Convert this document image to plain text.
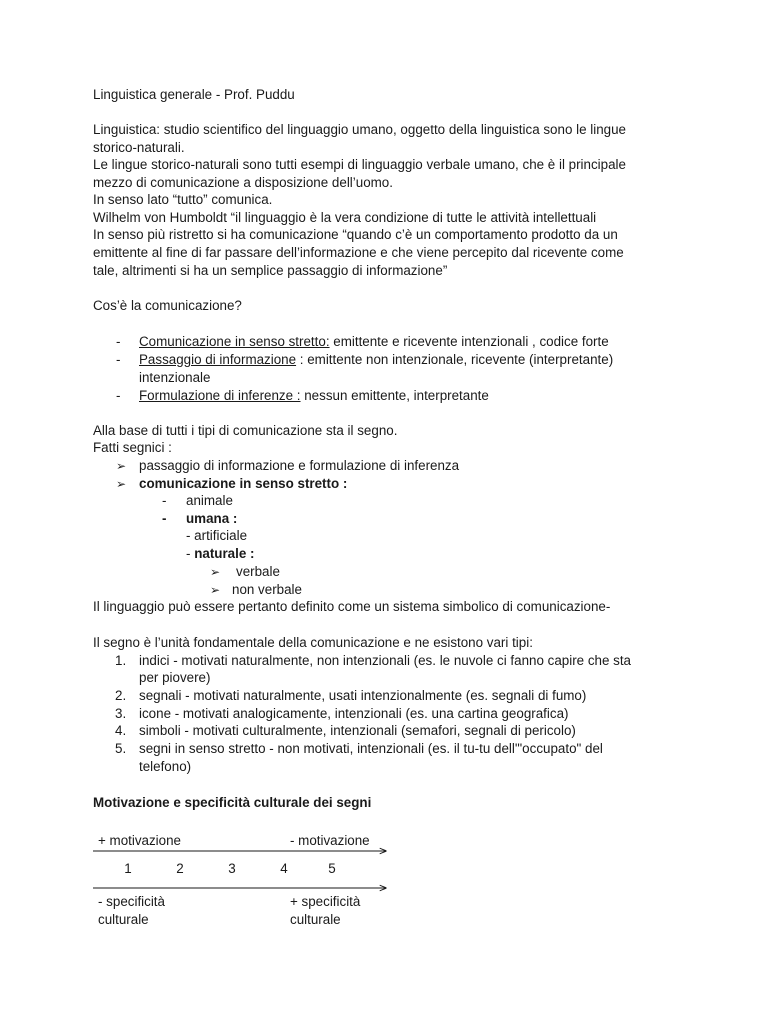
Linguistica generale - Prof. Puddu
Linguistica: studio scientifico del linguaggio umano, oggetto della linguistica sono le lingue
storico-naturali.
Le lingue storico-naturali sono tutti esempi di linguaggio verbale umano, che è il principale
mezzo di comunicazione a disposizione dell’uomo.
In senso lato “tutto” comunica.
Wilhelm von Humboldt “il linguaggio è la vera condizione di tutte le attività intellettuali
In senso più ristretto si ha comunicazione “quando c’è un comportamento prodotto da un
emittente al fine di far passare dell’informazione e che viene percepito dal ricevente come
tale, altrimenti si ha un semplice passaggio di informazione”
Cos’è la comunicazione?
- Comunicazione in senso stretto: emittente e ricevente intenzionali , codice forte
- Passaggio di informazione : emittente non intenzionale, ricevente (interpretante)
intenzionale
- Formulazione di inferenze : nessun emittente, interpretante
Alla base di tutti i tipi di comunicazione sta il segno.
Fatti segnici :
➢ passaggio di informazione e formulazione di inferenza
➢ comunicazione in senso stretto :
- animale
- umana :
- artificiale
- naturale :
➢ verbale
➢ non verbale
Il linguaggio può essere pertanto definito come un sistema simbolico di comunicazione-
Il segno è l’unità fondamentale della comunicazione e ne esistono vari tipi:
1. indici - motivati naturalmente, non intenzionali (es. le nuvole ci fanno capire che sta
per piovere)
2. segnali - motivati naturalmente, usati intenzionalmente (es. segnali di fumo)
3. icone - motivati analogicamente, intenzionali (es. una cartina geografica)
4. simboli - motivati culturalmente, intenzionali (semafori, segnali di pericolo)
5. segni in senso stretto - non motivati, intenzionali (es. il tu-tu dell'"occupato" del
telefono)
Motivazione e specificità culturale dei segni
+ motivazione	- motivazione
1	2	3	4	5
- specificità
culturale
+ specificità
culturale
